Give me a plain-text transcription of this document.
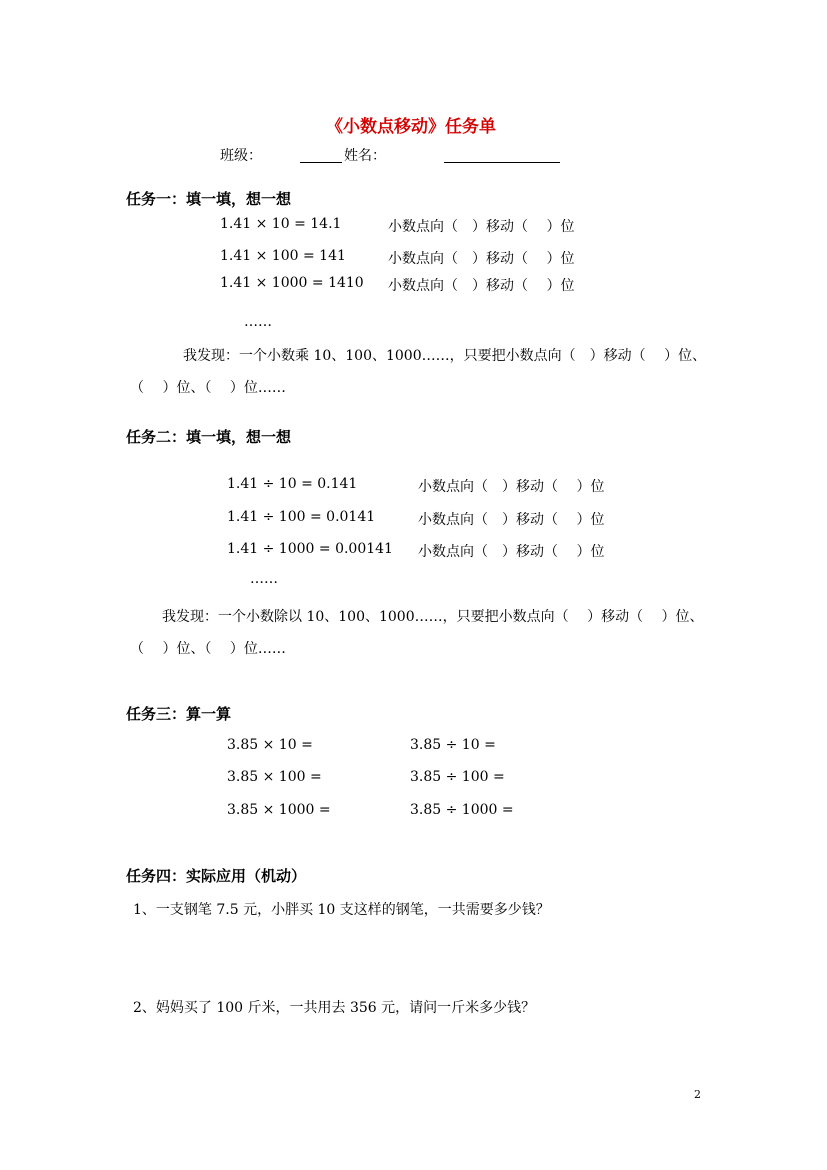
《小数点移动》任务单
班级：	姓名：
任务一：填一填，想一想
1.41 × 10 = 14.1	小数点向（　）移动（　 ）位
1.41 × 100 = 141	小数点向（　）移动（　 ）位
1.41 × 1000 = 1410 小数点向（　）移动（　 ）位
……
我发现：一个小数乘 10、100、1000……，只要把小数点向（　）移动（　 ）位、
（　 ）位、（　 ）位……
任务二：填一填，想一想
1.41 ÷ 10 = 0.141	小数点向（　）移动（　 ）位
1.41 ÷ 100 = 0.0141	小数点向（　）移动（　 ）位
1.41 ÷ 1000 = 0.00141 小数点向（　）移动（　 ）位
……
我发现：一个小数除以 10、100、1000……，只要把小数点向（　 ）移动（　 ）位、
（　 ）位、（　 ）位……
任务三：算一算
3.85 × 10 =	3.85 ÷ 10 =
3.85 × 100 =	3.85 ÷ 100 =
3.85 × 1000 =	3.85 ÷ 1000 =
任务四：实际应用（机动）
1、一支钢笔 7.5 元，小胖买 10 支这样的钢笔，一共需要多少钱？
2、妈妈买了 100 斤米，一共用去 356 元，请问一斤米多少钱？
2
